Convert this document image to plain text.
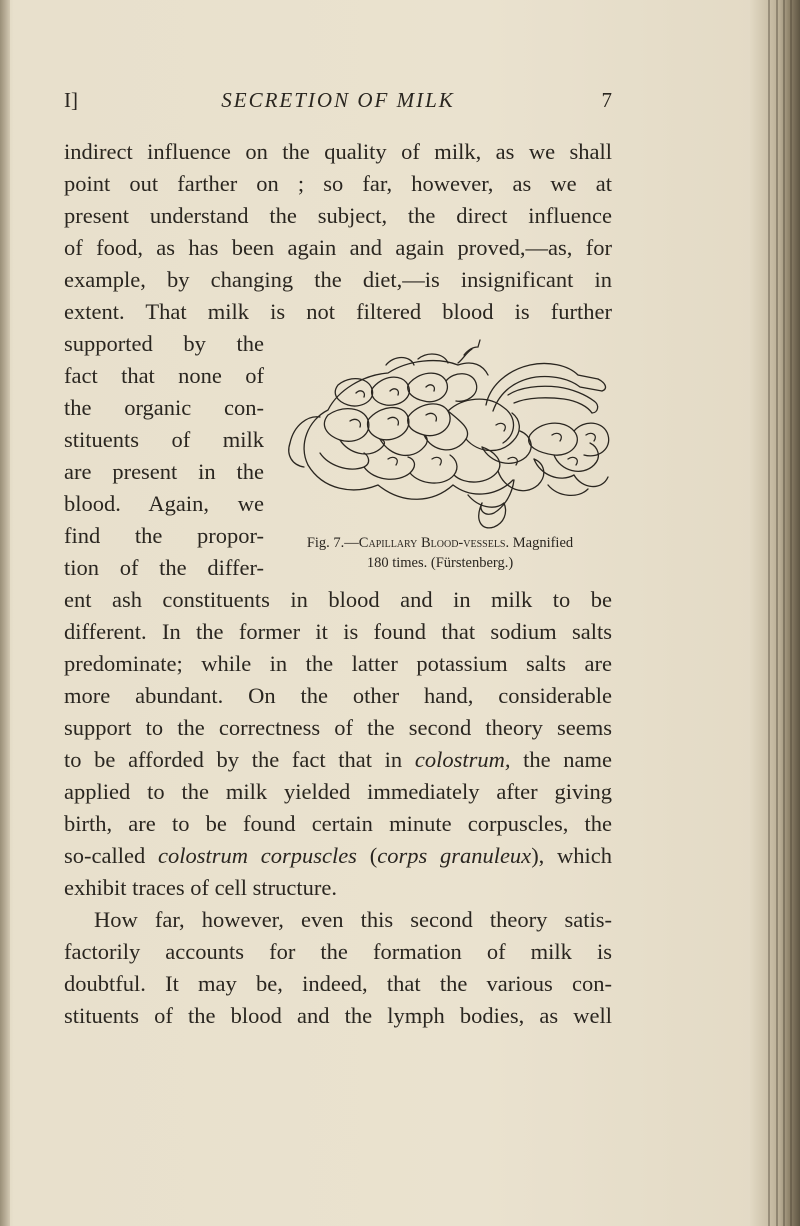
I]	SECRETION OF MILK	7
indirect influence on the quality of milk, as we shall
point out farther on ; so far, however, as we at
present understand the subject, the direct influence
of food, as has been again and again proved,—as, for
example, by changing the diet,—is insignificant in
extent. That milk is not filtered blood is further
supported by the
fact that none of
the organic con-
stituents of milk
are present in the
blood. Again, we
find the propor-
tion of the differ-
Fig. 7.—Capillary Blood-vessels. Magnified
180 times. (Fürstenberg.)
ent ash constituents in blood and in milk to be
different. In the former it is found that sodium salts
predominate; while in the latter potassium salts are
more abundant. On the other hand, considerable
support to the correctness of the second theory seems
to be afforded by the fact that in colostrum, the name
applied to the milk yielded immediately after giving
birth, are to be found certain minute corpuscles, the
so-called colostrum corpuscles (corps granuleux), which
exhibit traces of cell structure.
How far, however, even this second theory satis-
factorily accounts for the formation of milk is
doubtful. It may be, indeed, that the various con-
stituents of the blood and the lymph bodies, as well
